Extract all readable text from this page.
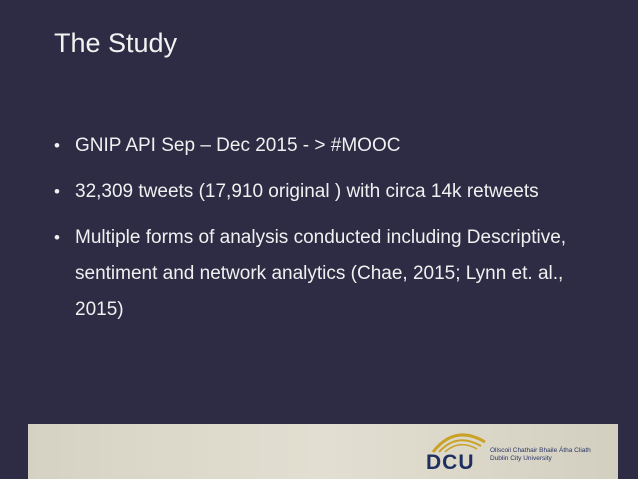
The Study
• GNIP API Sep – Dec 2015 - > #MOOC
• 32,309 tweets (17,910 original ) with circa 14k retweets
• Multiple forms of analysis conducted including Descriptive, sentiment and network analytics (Chae, 2015; Lynn et. al., 2015)
DCU
Ollscoil Chathair Bhaile Átha Cliath
Dublin City University
